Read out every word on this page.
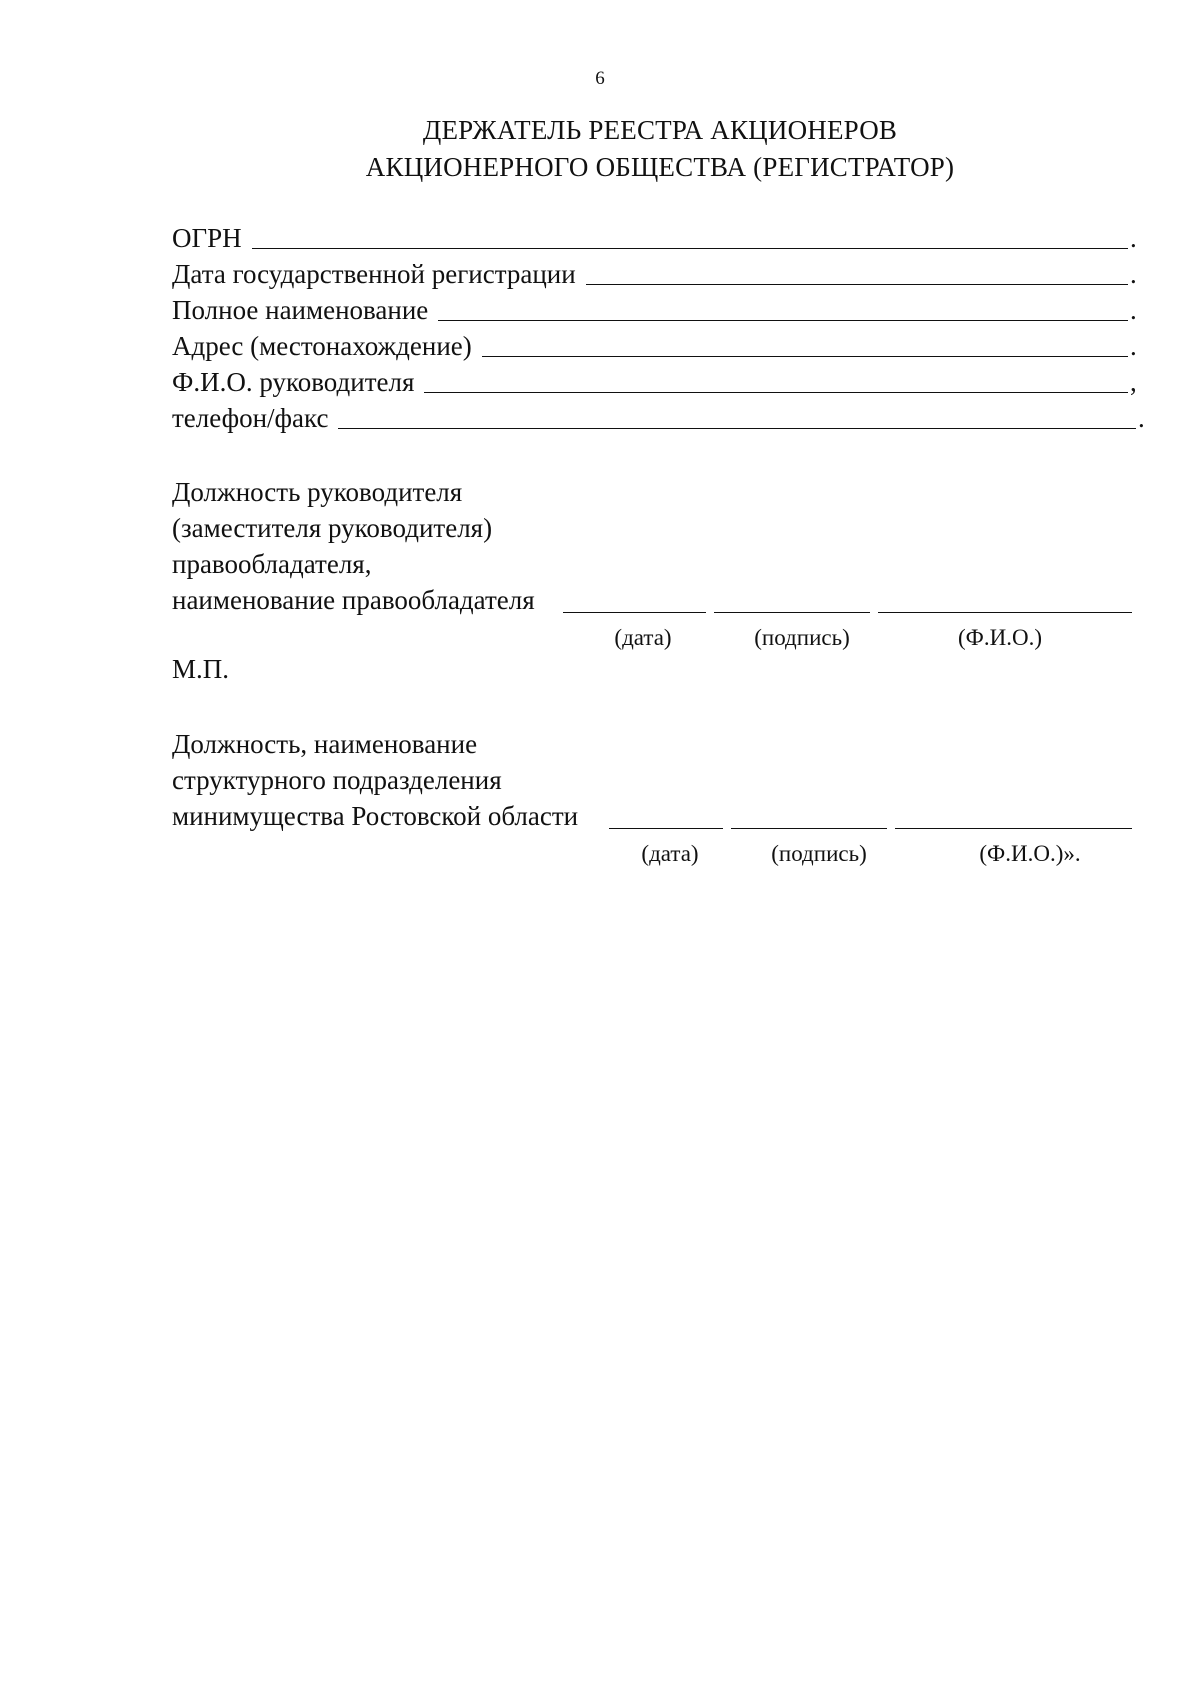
6
ДЕРЖАТЕЛЬ РЕЕСТРА АКЦИОНЕРОВ
АКЦИОНЕРНОГО ОБЩЕСТВА (РЕГИСТРАТОР)
ОГРН	.
Дата государственной регистрации	.
Полное наименование	.
Адрес (местонахождение)	.
Ф.И.О. руководителя	,
телефон/факс	.
Должность руководителя
(заместителя руководителя)
правообладателя,
наименование правообладателя
(дата)	(подпись)	(Ф.И.О.)
М.П.
Должность, наименование
структурного подразделения
минимущества Ростовской области
(дата)	(подпись)	(Ф.И.О.)».
